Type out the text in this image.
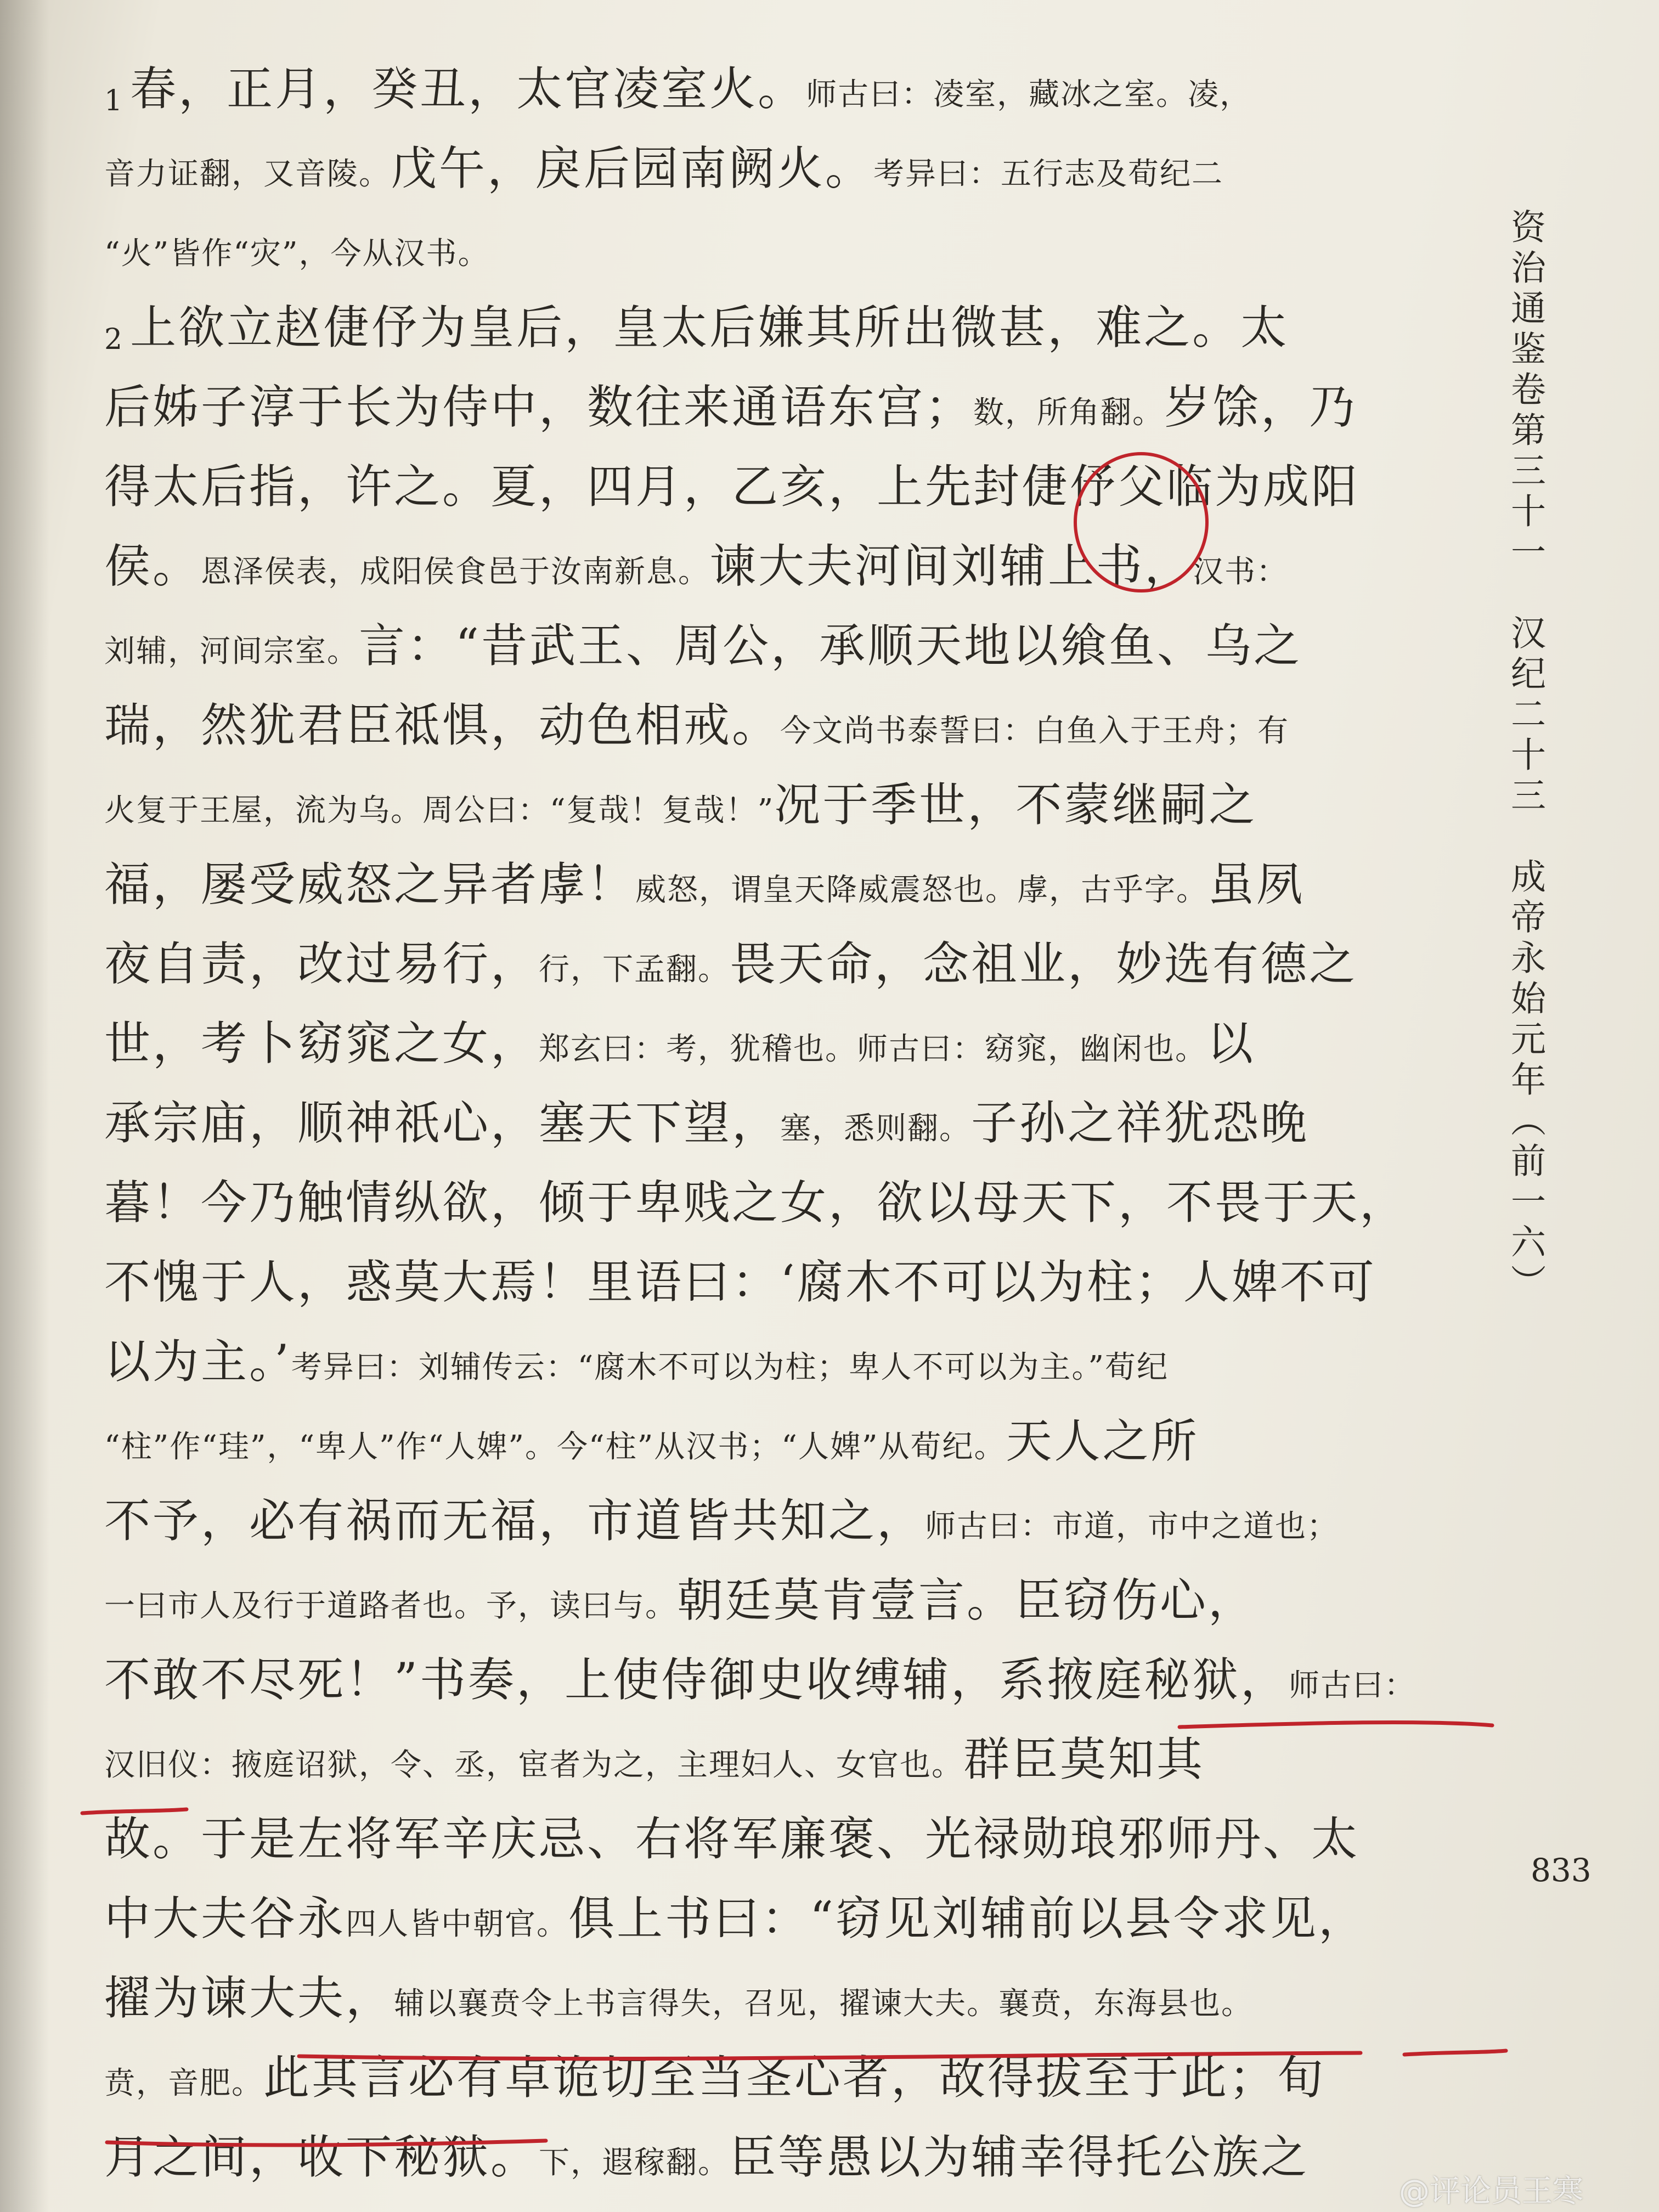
1 春，正月，癸丑，太官凌室火。师古曰：凌室，藏冰之室。凌，
音力证翻，又音陵。戊午，戾后园南阙火。考异曰：五行志及荀纪二
“火”皆作“灾”，今从汉书。
2 上欲立赵倢伃为皇后，皇太后嫌其所出微甚，难之。太
后姊子淳于长为侍中，数往来通语东宫；数，所角翻。岁馀，乃
得太后指，许之。夏，四月，乙亥，上先封倢伃父临为成阳
侯。恩泽侯表，成阳侯食邑于汝南新息。谏大夫河间刘辅上书，汉书：
刘辅，河间宗室。言：“昔武王、周公，承顺天地以飨鱼、乌之
瑞，然犹君臣祗惧，动色相戒。今文尚书泰誓曰：白鱼入于王舟；有
火复于王屋，流为乌。周公曰：“复哉！复哉！”况于季世，不蒙继嗣之
福，屡受威怒之异者虖！威怒，谓皇天降威震怒也。虖，古乎字。虽夙
夜自责，改过易行，行，下孟翻。畏天命，念祖业，妙选有德之
世，考卜窈窕之女，郑玄曰：考，犹稽也。师古曰：窈窕，幽闲也。以
承宗庙，顺神祇心，塞天下望，塞，悉则翻。子孙之祥犹恐晚
暮！今乃触情纵欲，倾于卑贱之女，欲以母天下，不畏于天，
不愧于人，惑莫大焉！里语曰：‘腐木不可以为柱；人婢不可
以为主。’考异曰：刘辅传云：“腐木不可以为柱；卑人不可以为主。”荀纪
“柱”作“珪”，“卑人”作“人婢”。今“柱”从汉书；“人婢”从荀纪。天人之所
不予，必有祸而无福，市道皆共知之，师古曰：市道，市中之道也；
一曰市人及行于道路者也。予，读曰与。朝廷莫肯壹言。臣窃伤心，
不敢不尽死！”书奏，上使侍御史收缚辅，系掖庭秘狱，师古曰：
汉旧仪：掖庭诏狱，令、丞，宦者为之，主理妇人、女官也。群臣莫知其
故。于是左将军辛庆忌、右将军廉褒、光禄勋琅邪师丹、太
中大夫谷永四人皆中朝官。俱上书曰：“窃见刘辅前以县令求见，
擢为谏大夫，辅以襄贲令上书言得失，召见，擢谏大夫。襄贲，东海县也。
贲，音肥。此其言必有卓诡切至当圣心者，故得拔至于此；旬
月之间，收下秘狱。下，遐稼翻。臣等愚以为辅幸得托公族之
资治通鉴卷第三十一　汉纪二十三　成帝永始元年（前一六）
833
@评论员王寒
